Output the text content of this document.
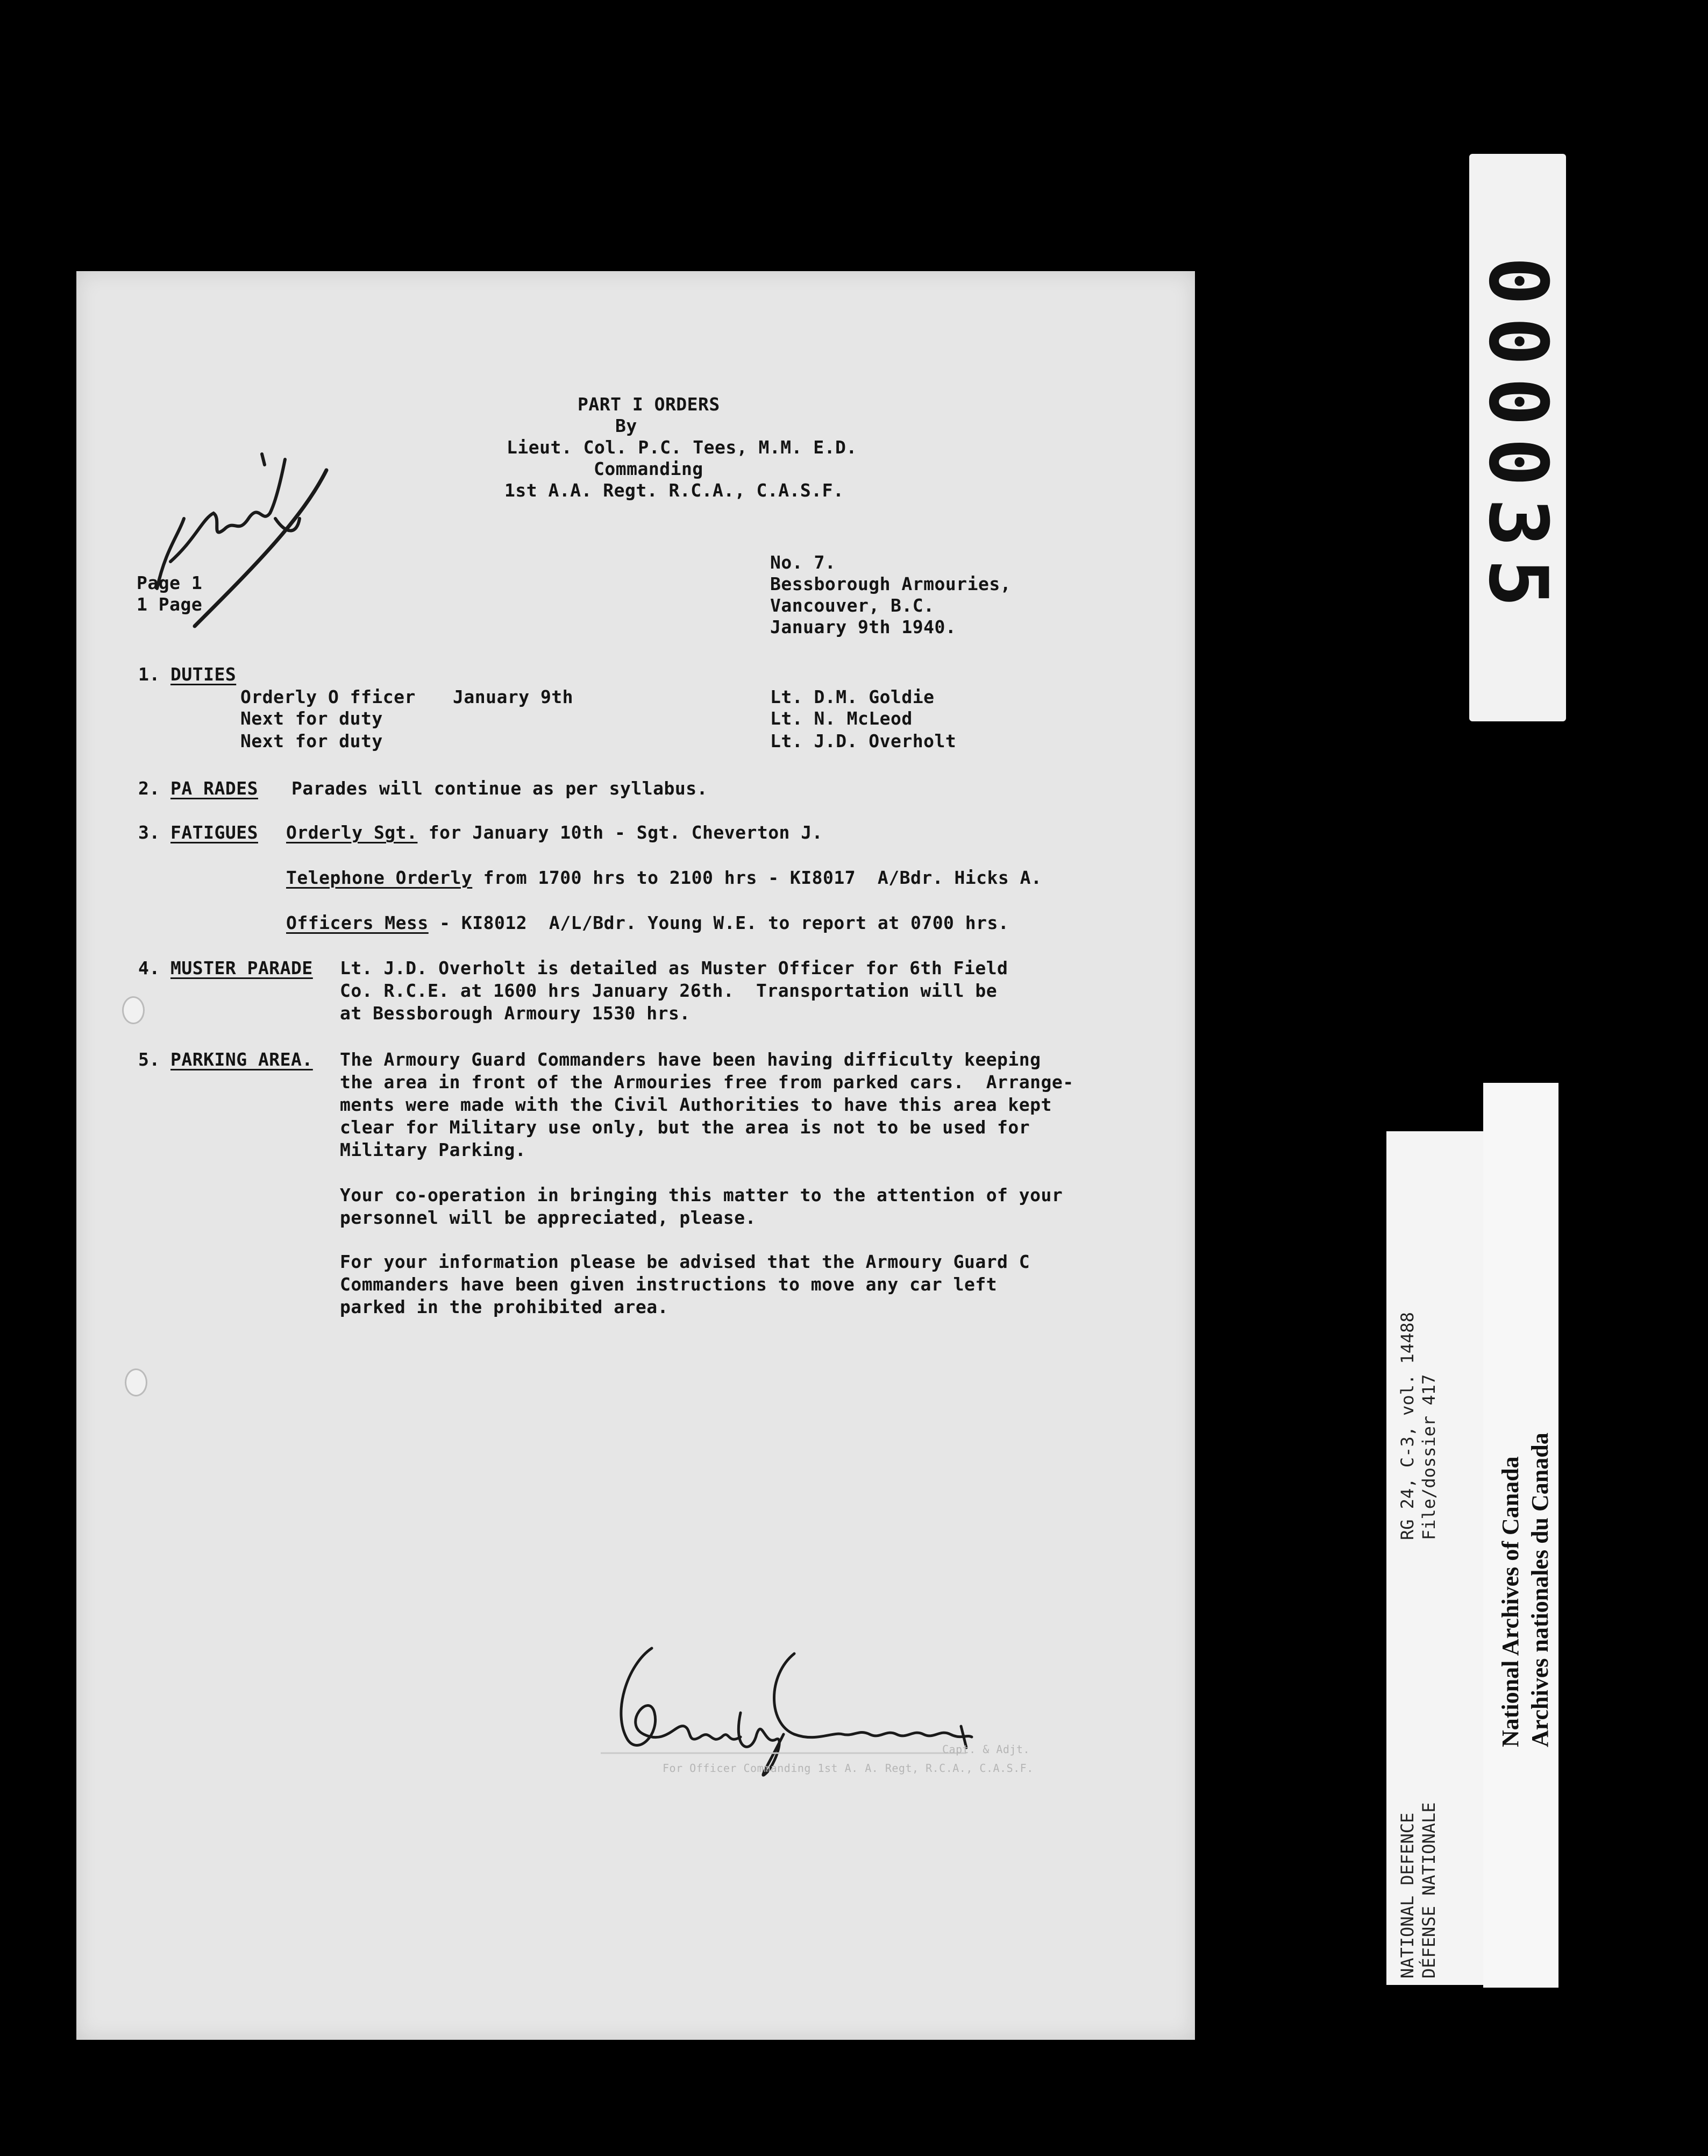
PART I ORDERS
By
Lieut. Col. P.C. Tees, M.M. E.D.
Commanding
1st A.A. Regt. R.C.A., C.A.S.F.
Page 1
1 Page
No. 7.
Bessborough Armouries,
Vancouver, B.C.
January 9th 1940.
1. DUTIES
Orderly O fficer January 9th	Lt. D.M. Goldie
Next for duty	Lt. N. McLeod
Next for duty	Lt. J.D. Overholt
2. PA RADES Parades will continue as per syllabus.
3. FATIGUES Orderly Sgt. for January 10th - Sgt. Cheverton J.
Telephone Orderly from 1700 hrs to 2100 hrs - KI8017  A/Bdr. Hicks A.
Officers Mess - KI8012  A/L/Bdr. Young W.E. to report at 0700 hrs.
4. MUSTER PARADE Lt. J.D. Overholt is detailed as Muster Officer for 6th Field
Co. R.C.E. at 1600 hrs January 26th.  Transportation will be
at Bessborough Armoury 1530 hrs.
5. PARKING AREA. The Armoury Guard Commanders have been having difficulty keeping
the area in front of the Armouries free from parked cars.  Arrange-
ments were made with the Civil Authorities to have this area kept
clear for Military use only, but the area is not to be used for
Military Parking.
Your co-operation in bringing this matter to the attention of your
personnel will be appreciated, please.
For your information please be advised that the Armoury Guard C
Commanders have been given instructions to move any car left
parked in the prohibited area.
Capt. & Adjt.
For Officer Commanding 1st A. A. Regt, R.C.A., C.A.S.F.
000035
RG 24, C-3, vol. 14488 File/dossier 417
NATIONAL DEFENCE DÉFENSE NATIONALE
National Archives of Canada Archives nationales du Canada
